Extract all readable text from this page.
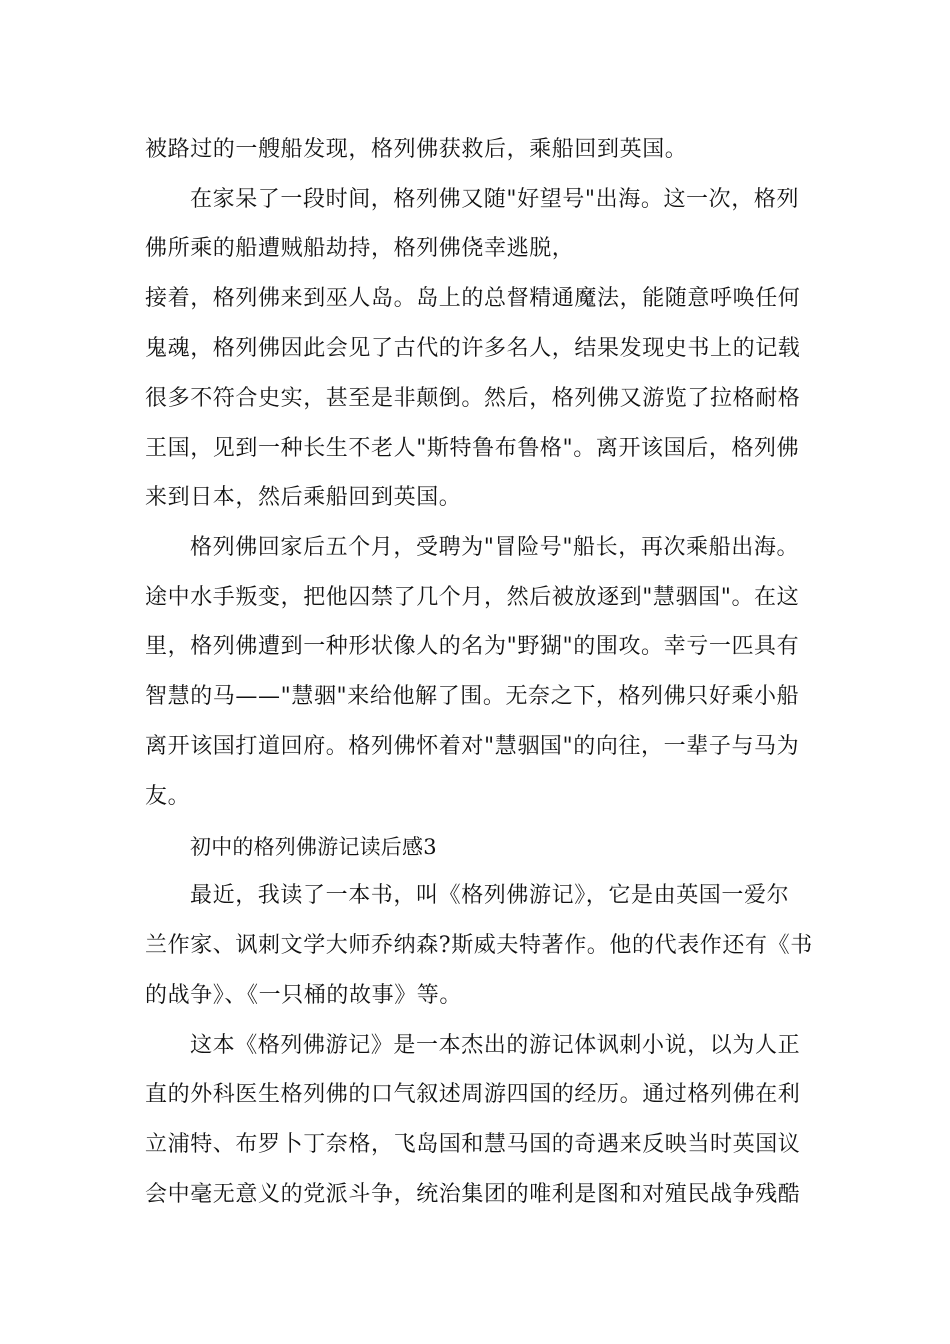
被路过的一艘船发现，格列佛获救后，乘船回到英国。
在家呆了一段时间，格列佛又随"好望号"出海。这一次，格列
佛所乘的船遭贼船劫持，格列佛侥幸逃脱，
接着，格列佛来到巫人岛。岛上的总督精通魔法，能随意呼唤任何
鬼魂，格列佛因此会见了古代的许多名人，结果发现史书上的记载
很多不符合史实，甚至是非颠倒。然后，格列佛又游览了拉格耐格
王国，见到一种长生不老人"斯特鲁布鲁格"。离开该国后，格列佛
来到日本，然后乘船回到英国。
格列佛回家后五个月，受聘为"冒险号"船长，再次乘船出海。
途中水手叛变，把他囚禁了几个月，然后被放逐到"慧骃国"。在这
里，格列佛遭到一种形状像人的名为"野猢"的围攻。幸亏一匹具有
智慧的马——"慧骃"来给他解了围。无奈之下，格列佛只好乘小船
离开该国打道回府。格列佛怀着对"慧骃国"的向往，一辈子与马为
友。
初中的格列佛游记读后感3
最近，我读了一本书，叫《格列佛游记》，它是由英国一爱尔
兰作家、讽刺文学大师乔纳森?斯威夫特著作。他的代表作还有《书
的战争》、《一只桶的故事》等。
这本《格列佛游记》是一本杰出的游记体讽刺小说，以为人正
直的外科医生格列佛的口气叙述周游四国的经历。通过格列佛在利
立浦特、布罗卜丁奈格，飞岛国和慧马国的奇遇来反映当时英国议
会中毫无意义的党派斗争，统治集团的唯利是图和对殖民战争残酷
